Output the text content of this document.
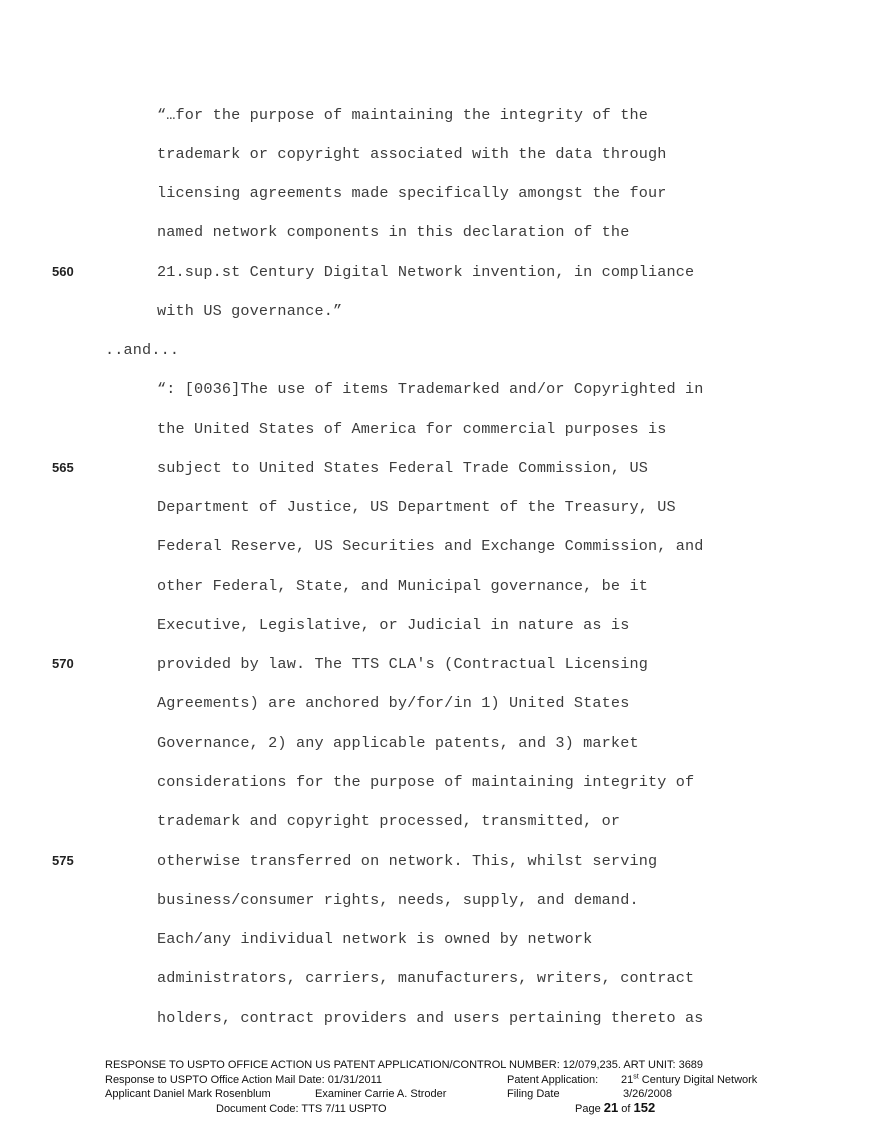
“…for the purpose of maintaining the integrity of the
trademark or copyright associated with the data through
licensing agreements made specifically amongst the four
named network components in this declaration of the
21.sup.st Century Digital Network invention, in compliance
with US governance.”
..and...
“: [0036]The use of items Trademarked and/or Copyrighted in
the United States of America for commercial purposes is
subject to United States Federal Trade Commission, US
Department of Justice, US Department of the Treasury, US
Federal Reserve, US Securities and Exchange Commission, and
other Federal, State, and Municipal governance, be it
Executive, Legislative, or Judicial in nature as is
provided by law. The TTS CLA's (Contractual Licensing
Agreements) are anchored by/for/in 1) United States
Governance, 2) any applicable patents, and 3) market
considerations for the purpose of maintaining integrity of
trademark and copyright processed, transmitted, or
otherwise transferred on network. This, whilst serving
business/consumer rights, needs, supply, and demand.
Each/any individual network is owned by network
administrators, carriers, manufacturers, writers, contract
holders, contract providers and users pertaining thereto as
560
565
570
575
RESPONSE TO USPTO OFFICE ACTION US PATENT APPLICATION/CONTROL NUMBER: 12/079,235. ART UNIT: 3689
Response to USPTO Office Action Mail Date: 01/31/2011	Patent Application: 21st Century Digital Network
Applicant Daniel Mark Rosenblum	Examiner Carrie A. Stroder	Filing Date	3/26/2008
Document Code: TTS 7/11 USPTO	Page 21 of 152
